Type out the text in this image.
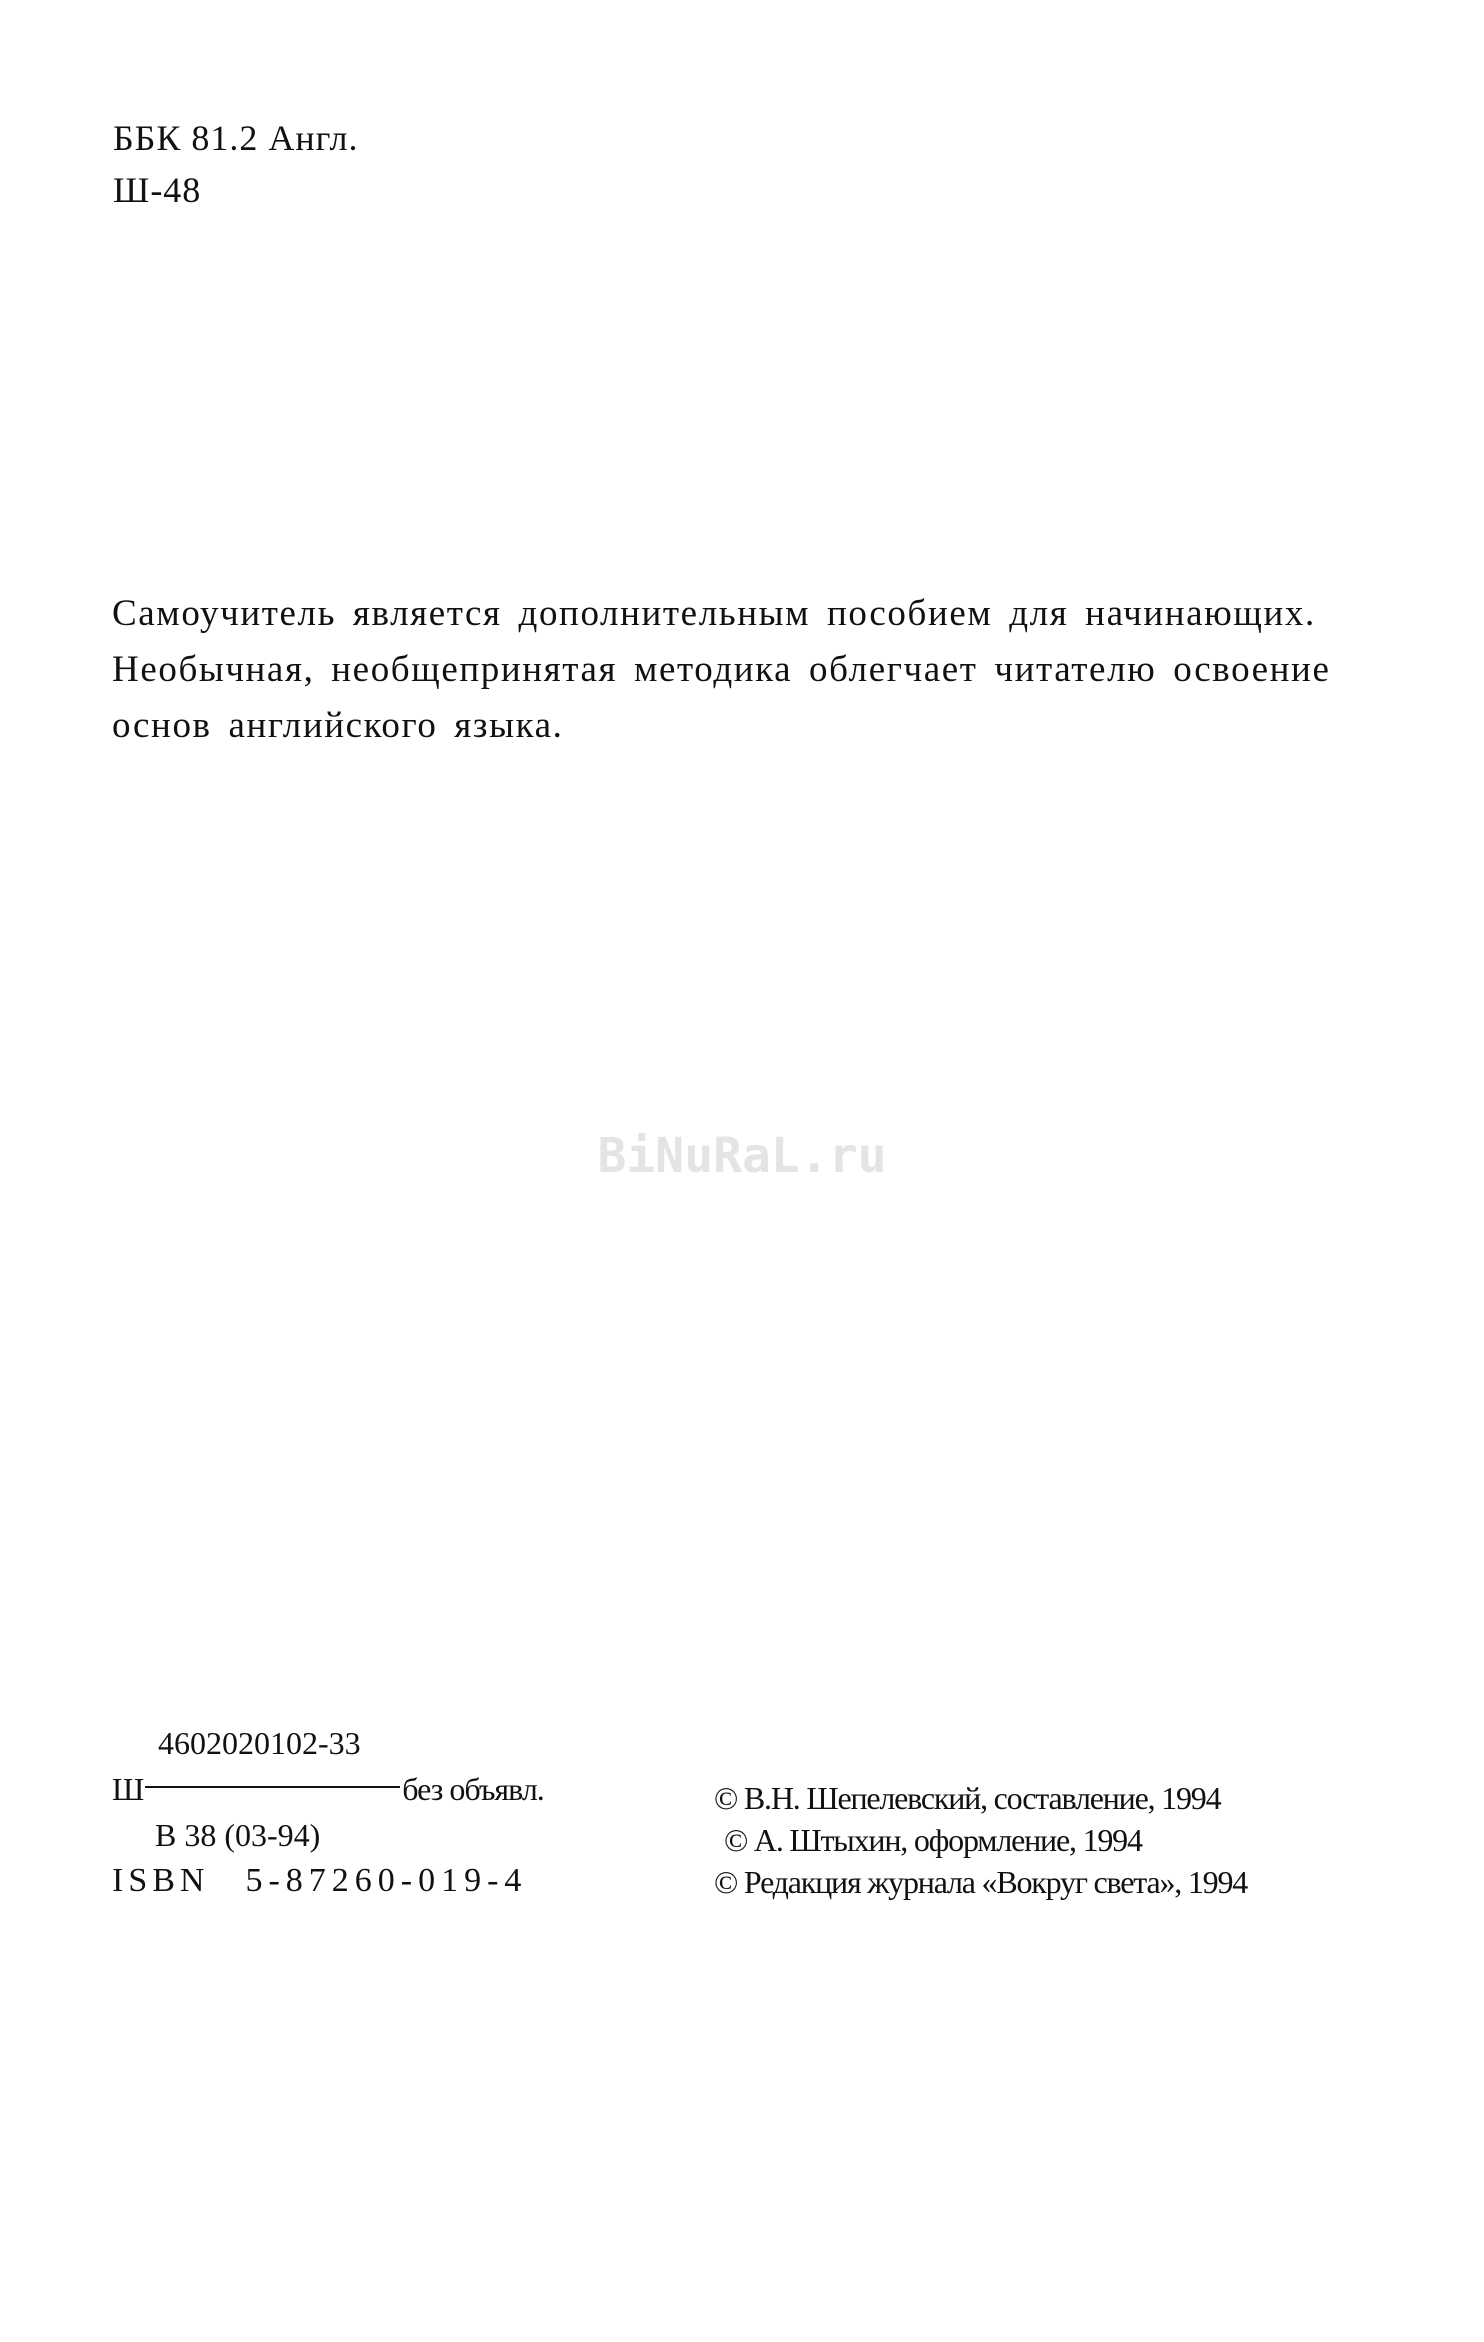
ББК 81.2 Англ.
Ш-48
Самоучитель является дополнительным пособием для начинающих.
Необычная, необщепринятая методика облегчает читателю освоение
основ английского языка.
BiNuRaL.ru
4602020102-33
Ш	без объявл.
В 38 (03-94)
ISBN 5-87260-019-4
© В.Н. Шепелевский, составление, 1994
© А. Штыхин, оформление, 1994
© Редакция журнала «Вокруг света», 1994
